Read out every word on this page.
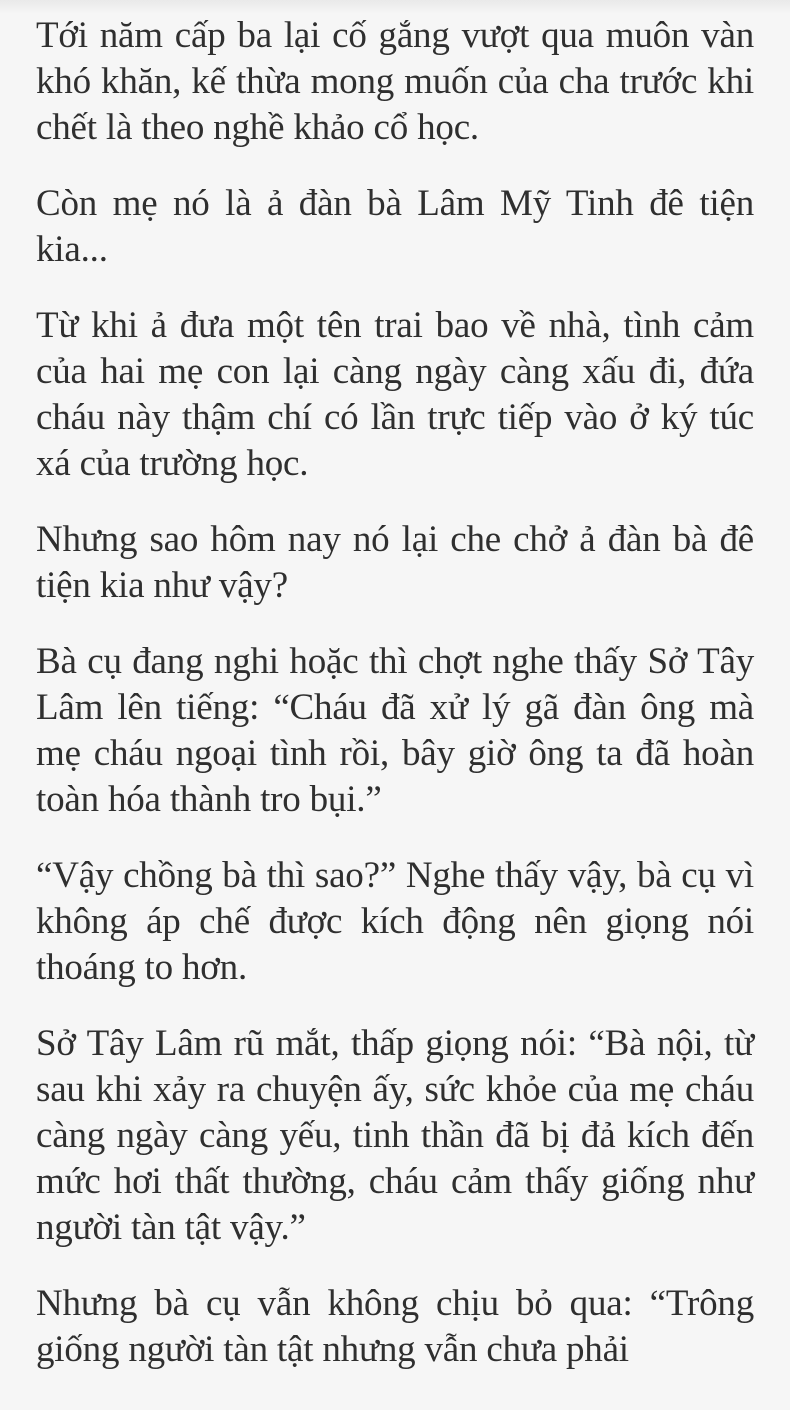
Tới năm cấp ba lại cố gắng vượt qua muôn vàn khó khăn, kế thừa mong muốn của cha trước khi chết là theo nghề khảo cổ học.

Còn mẹ nó là ả đàn bà Lâm Mỹ Tinh đê tiện kia...

Từ khi ả đưa một tên trai bao về nhà, tình cảm của hai mẹ con lại càng ngày càng xấu đi, đứa cháu này thậm chí có lần trực tiếp vào ở ký túc xá của trường học.

Nhưng sao hôm nay nó lại che chở ả đàn bà đê tiện kia như vậy?

Bà cụ đang nghi hoặc thì chợt nghe thấy Sở Tây Lâm lên tiếng: “Cháu đã xử lý gã đàn ông mà mẹ cháu ngoại tình rồi, bây giờ ông ta đã hoàn toàn hóa thành tro bụi.”

“Vậy chồng bà thì sao?” Nghe thấy vậy, bà cụ vì không áp chế được kích động nên giọng nói thoáng to hơn.

Sở Tây Lâm rũ mắt, thấp giọng nói: “Bà nội, từ sau khi xảy ra chuyện ấy, sức khỏe của mẹ cháu càng ngày càng yếu, tinh thần đã bị đả kích đến mức hơi thất thường, cháu cảm thấy giống như người tàn tật vậy.”

Nhưng bà cụ vẫn không chịu bỏ qua: “Trông giống người tàn tật nhưng vẫn chưa phải
